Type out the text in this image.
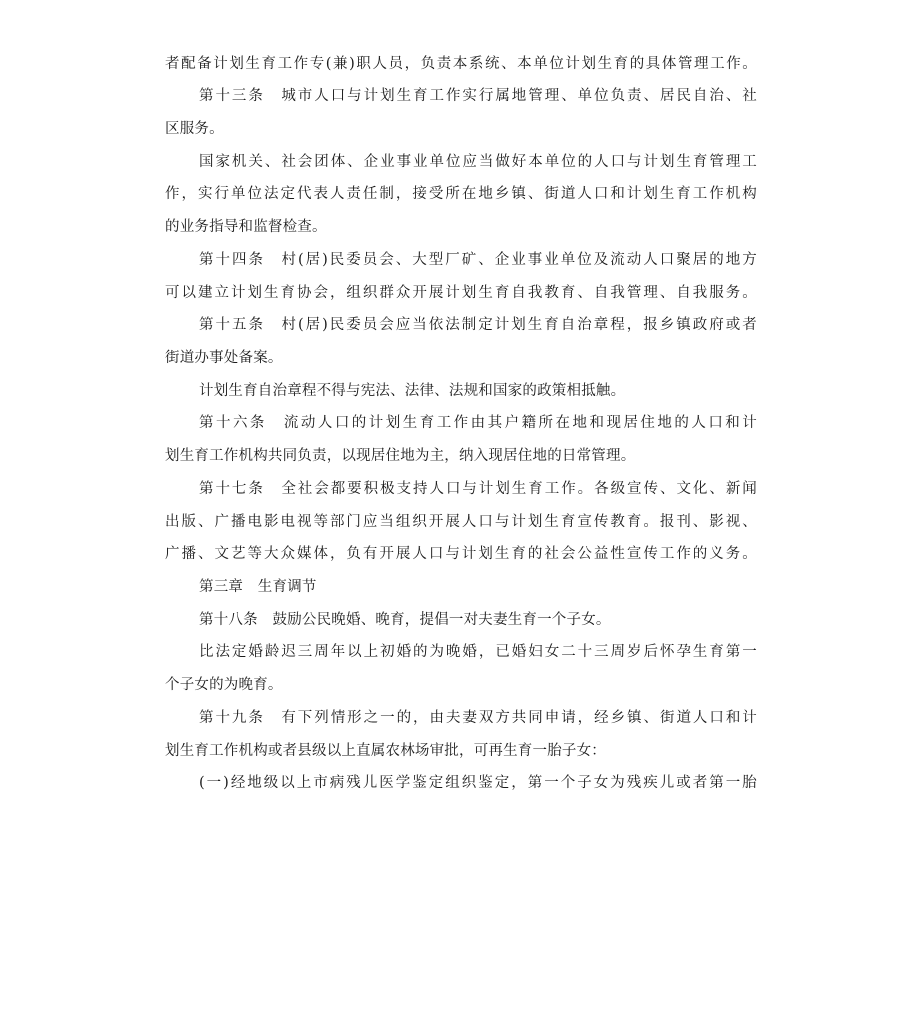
者配备计划生育工作专(兼)职人员，负责本系统、本单位计划生育的具体管理工作。
第十三条　城市人口与计划生育工作实行属地管理、单位负责、居民自治、社
区服务。
国家机关、社会团体、企业事业单位应当做好本单位的人口与计划生育管理工
作，实行单位法定代表人责任制，接受所在地乡镇、街道人口和计划生育工作机构
的业务指导和监督检查。
第十四条　村(居)民委员会、大型厂矿、企业事业单位及流动人口聚居的地方
可以建立计划生育协会，组织群众开展计划生育自我教育、自我管理、自我服务。
第十五条　村(居)民委员会应当依法制定计划生育自治章程，报乡镇政府或者
街道办事处备案。
计划生育自治章程不得与宪法、法律、法规和国家的政策相抵触。
第十六条　流动人口的计划生育工作由其户籍所在地和现居住地的人口和计
划生育工作机构共同负责，以现居住地为主，纳入现居住地的日常管理。
第十七条　全社会都要积极支持人口与计划生育工作。各级宣传、文化、新闻
出版、广播电影电视等部门应当组织开展人口与计划生育宣传教育。报刊、影视、
广播、文艺等大众媒体，负有开展人口与计划生育的社会公益性宣传工作的义务。
第三章　生育调节
第十八条　鼓励公民晚婚、晚育，提倡一对夫妻生育一个子女。
比法定婚龄迟三周年以上初婚的为晚婚，已婚妇女二十三周岁后怀孕生育第一
个子女的为晚育。
第十九条　有下列情形之一的，由夫妻双方共同申请，经乡镇、街道人口和计
划生育工作机构或者县级以上直属农林场审批，可再生育一胎子女：
(一)经地级以上市病残儿医学鉴定组织鉴定，第一个子女为残疾儿或者第一胎
